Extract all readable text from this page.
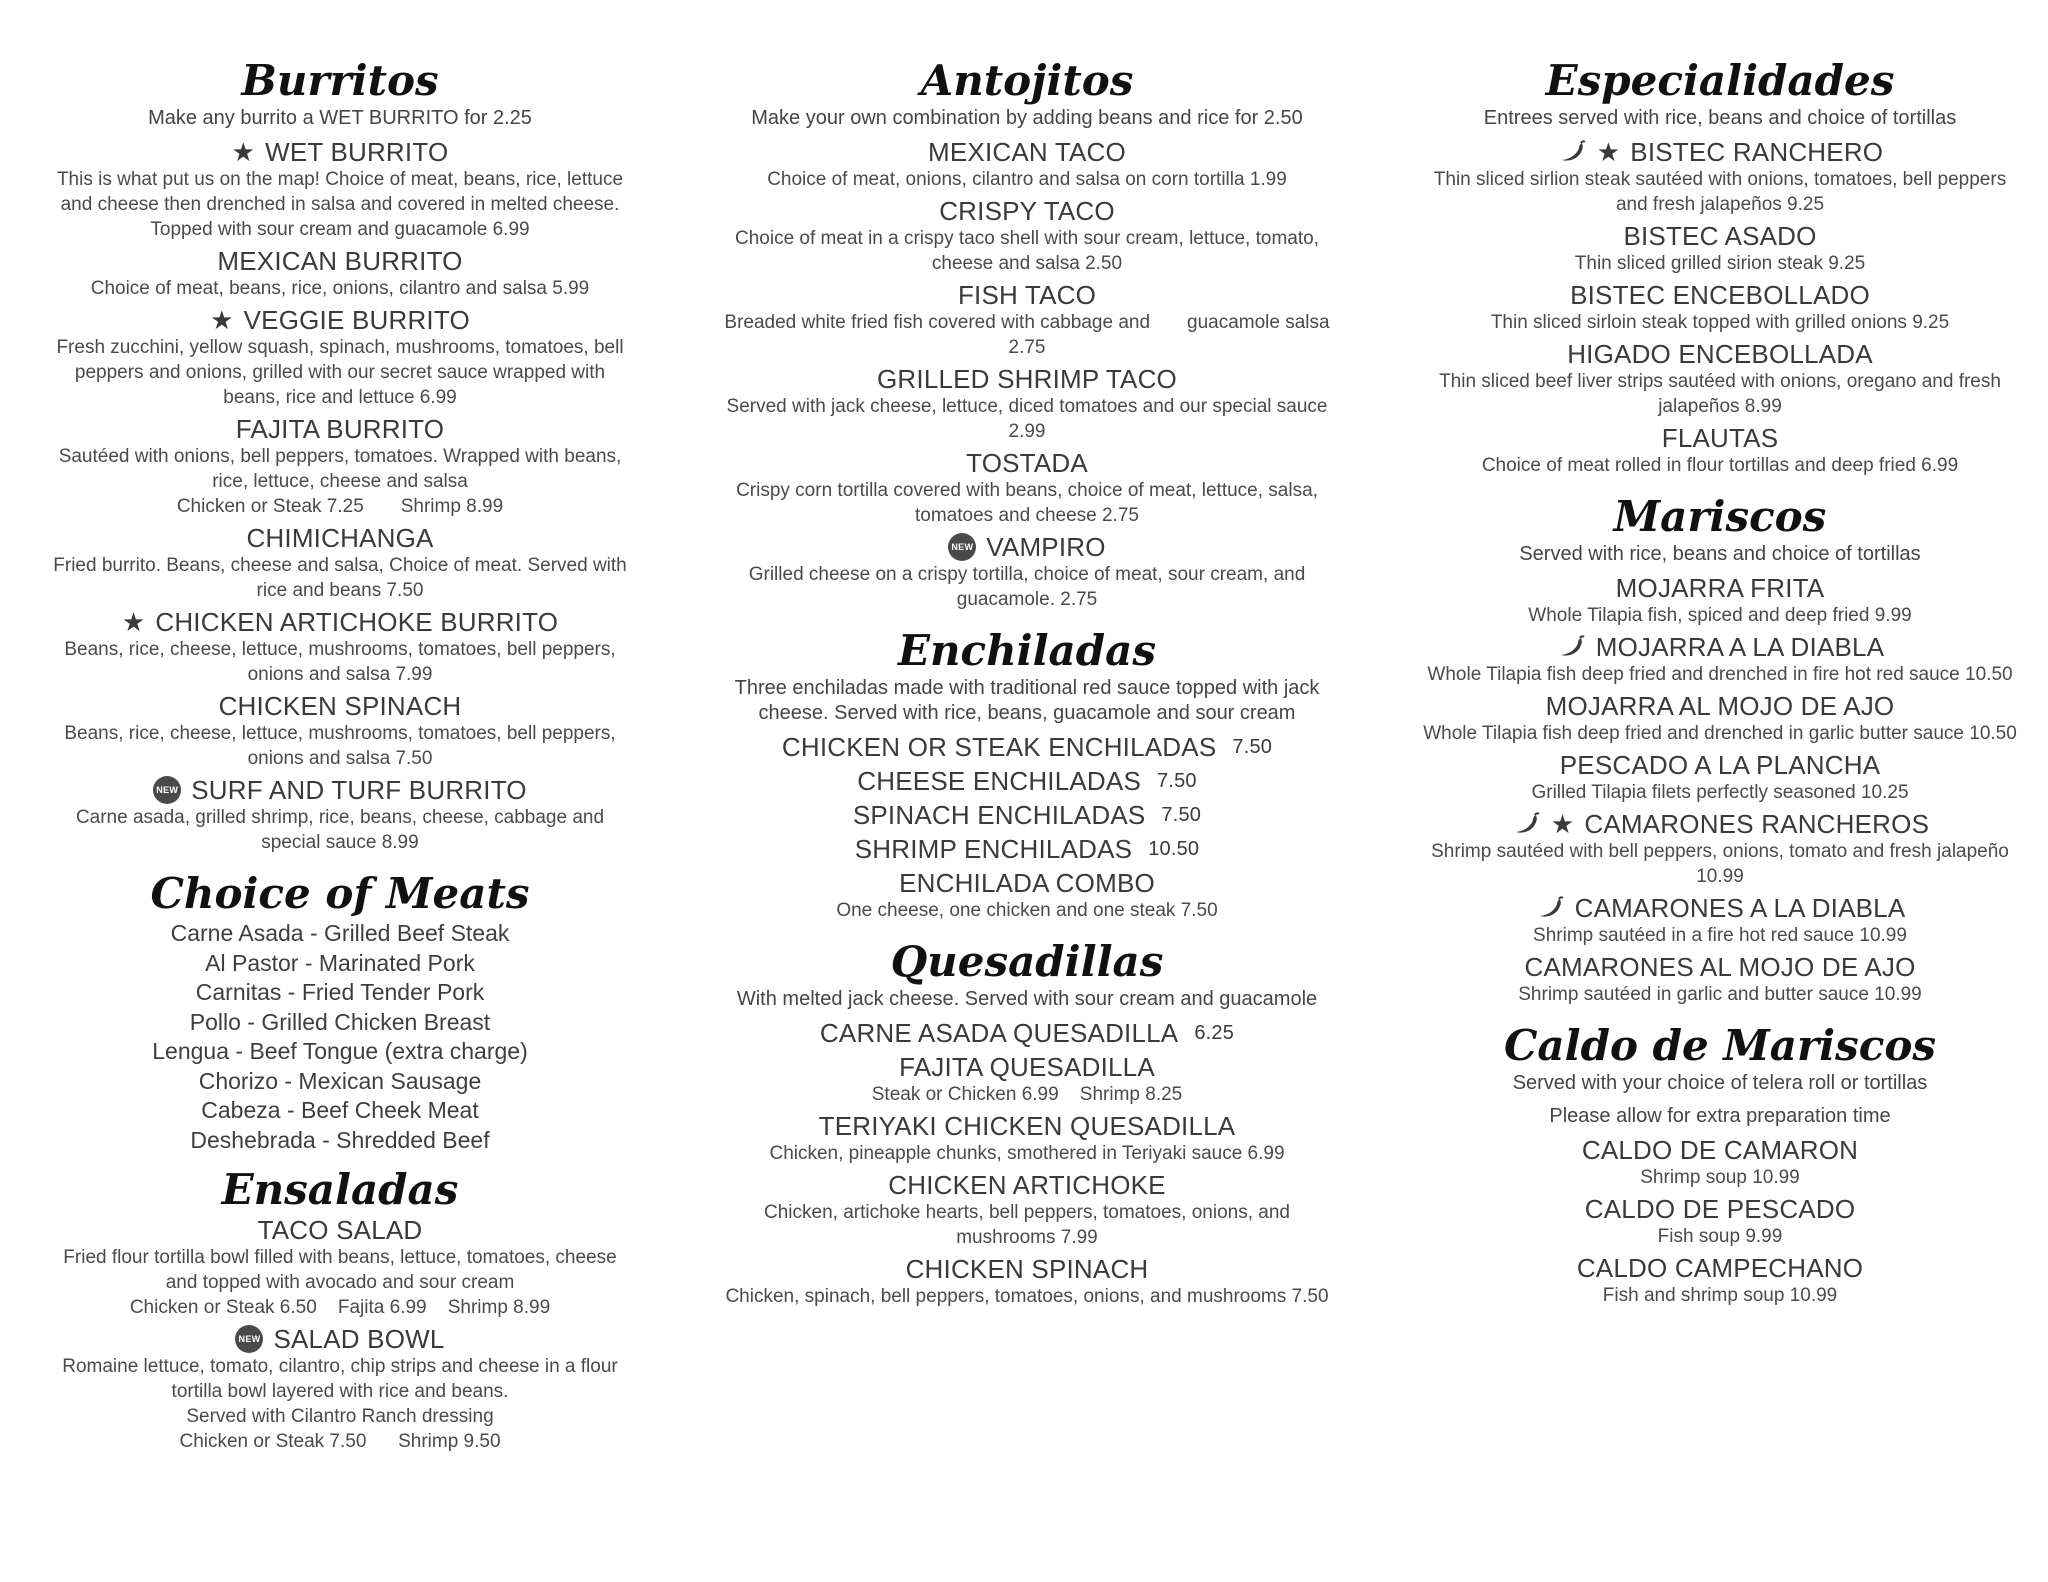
Burritos
Make any burrito a WET BURRITO for 2.25
★ WET BURRITO
This is what put us on the map! Choice of meat, beans, rice, lettuce and cheese then drenched in salsa and covered in melted cheese. Topped with sour cream and guacamole 6.99
MEXICAN BURRITO
Choice of meat, beans, rice, onions, cilantro and salsa 5.99
★ VEGGIE BURRITO
Fresh zucchini, yellow squash, spinach, mushrooms, tomatoes, bell peppers and onions, grilled with our secret sauce wrapped with beans, rice and lettuce 6.99
FAJITA BURRITO
Sautéed with onions, bell peppers, tomatoes. Wrapped with beans, rice, lettuce, cheese and salsa
Chicken or Steak 7.25       Shrimp 8.99
CHIMICHANGA
Fried burrito. Beans, cheese and salsa, Choice of meat. Served with rice and beans 7.50
★ CHICKEN ARTICHOKE BURRITO
Beans, rice, cheese, lettuce, mushrooms, tomatoes, bell peppers, onions and salsa 7.99
CHICKEN SPINACH
Beans, rice, cheese, lettuce, mushrooms, tomatoes, bell peppers, onions and salsa 7.50
NEW SURF AND TURF BURRITO
Carne asada, grilled shrimp, rice, beans, cheese, cabbage and special sauce 8.99
Choice of Meats
Carne Asada - Grilled Beef Steak
Al Pastor - Marinated Pork
Carnitas - Fried Tender Pork
Pollo - Grilled Chicken Breast
Lengua - Beef Tongue (extra charge)
Chorizo - Mexican Sausage
Cabeza - Beef Cheek Meat
Deshebrada - Shredded Beef
Ensaladas
TACO SALAD
Fried flour tortilla bowl filled with beans, lettuce, tomatoes, cheese and topped with avocado and sour cream
Chicken or Steak 6.50    Fajita 6.99    Shrimp 8.99
NEW SALAD BOWL
Romaine lettuce, tomato, cilantro, chip strips and cheese in a flour tortilla bowl layered with rice and beans.
Served with Cilantro Ranch dressing
Chicken or Steak 7.50      Shrimp 9.50
Antojitos
Make your own combination by adding beans and rice for 2.50
MEXICAN TACO
Choice of meat, onions, cilantro and salsa on corn tortilla 1.99
CRISPY TACO
Choice of meat in a crispy taco shell with sour cream, lettuce, tomato, cheese and salsa 2.50
FISH TACO
Breaded white fried fish covered with cabbage and       guacamole salsa  2.75
GRILLED SHRIMP TACO
Served with jack cheese, lettuce, diced tomatoes and our special sauce 2.99
TOSTADA
Crispy corn tortilla covered with beans, choice of meat, lettuce, salsa, tomatoes and cheese 2.75
NEW VAMPIRO
Grilled cheese on a crispy tortilla, choice of meat, sour cream, and guacamole. 2.75
Enchiladas
Three enchiladas made with traditional red sauce topped with jack cheese. Served with rice, beans, guacamole and sour cream
CHICKEN OR STEAK ENCHILADAS 7.50
CHEESE ENCHILADAS 7.50
SPINACH ENCHILADAS 7.50
SHRIMP ENCHILADAS 10.50
ENCHILADA COMBO
One cheese, one chicken and one steak 7.50
Quesadillas
With melted jack cheese. Served with sour cream and guacamole
CARNE ASADA QUESADILLA 6.25
FAJITA QUESADILLA
Steak or Chicken 6.99    Shrimp 8.25
TERIYAKI CHICKEN QUESADILLA
Chicken, pineapple chunks, smothered in Teriyaki sauce 6.99
CHICKEN ARTICHOKE
Chicken, artichoke hearts, bell peppers, tomatoes, onions, and mushrooms 7.99
CHICKEN SPINACH
Chicken, spinach, bell peppers, tomatoes, onions, and mushrooms 7.50
Especialidades
Entrees served with rice, beans and choice of tortillas
★ BISTEC RANCHERO
Thin sliced sirlion steak sautéed with onions, tomatoes, bell peppers and fresh jalapeños 9.25
BISTEC ASADO
Thin sliced grilled sirion steak 9.25
BISTEC ENCEBOLLADO
Thin sliced sirloin steak topped with grilled onions 9.25
HIGADO ENCEBOLLADA
Thin sliced beef liver strips sautéed with onions, oregano and fresh jalapeños 8.99
FLAUTAS
Choice of meat rolled in flour tortillas and deep fried 6.99
Mariscos
Served with rice, beans and choice of tortillas
MOJARRA FRITA
Whole Tilapia fish, spiced and deep fried 9.99
MOJARRA A LA DIABLA
Whole Tilapia fish deep fried and drenched in fire hot red sauce 10.50
MOJARRA AL MOJO DE AJO
Whole Tilapia fish deep fried and drenched in garlic butter sauce 10.50
PESCADO A LA PLANCHA
Grilled Tilapia filets perfectly seasoned 10.25
★ CAMARONES RANCHEROS
Shrimp sautéed with bell peppers, onions, tomato and fresh jalapeño 10.99
CAMARONES A LA DIABLA
Shrimp sautéed in a fire hot red sauce 10.99
CAMARONES AL MOJO DE AJO
Shrimp sautéed in garlic and butter sauce 10.99
Caldo de Mariscos
Served with your choice of telera roll or tortillas
Please allow for extra preparation time
CALDO DE CAMARON
Shrimp soup 10.99
CALDO DE PESCADO
Fish soup 9.99
CALDO CAMPECHANO
Fish and shrimp soup 10.99
